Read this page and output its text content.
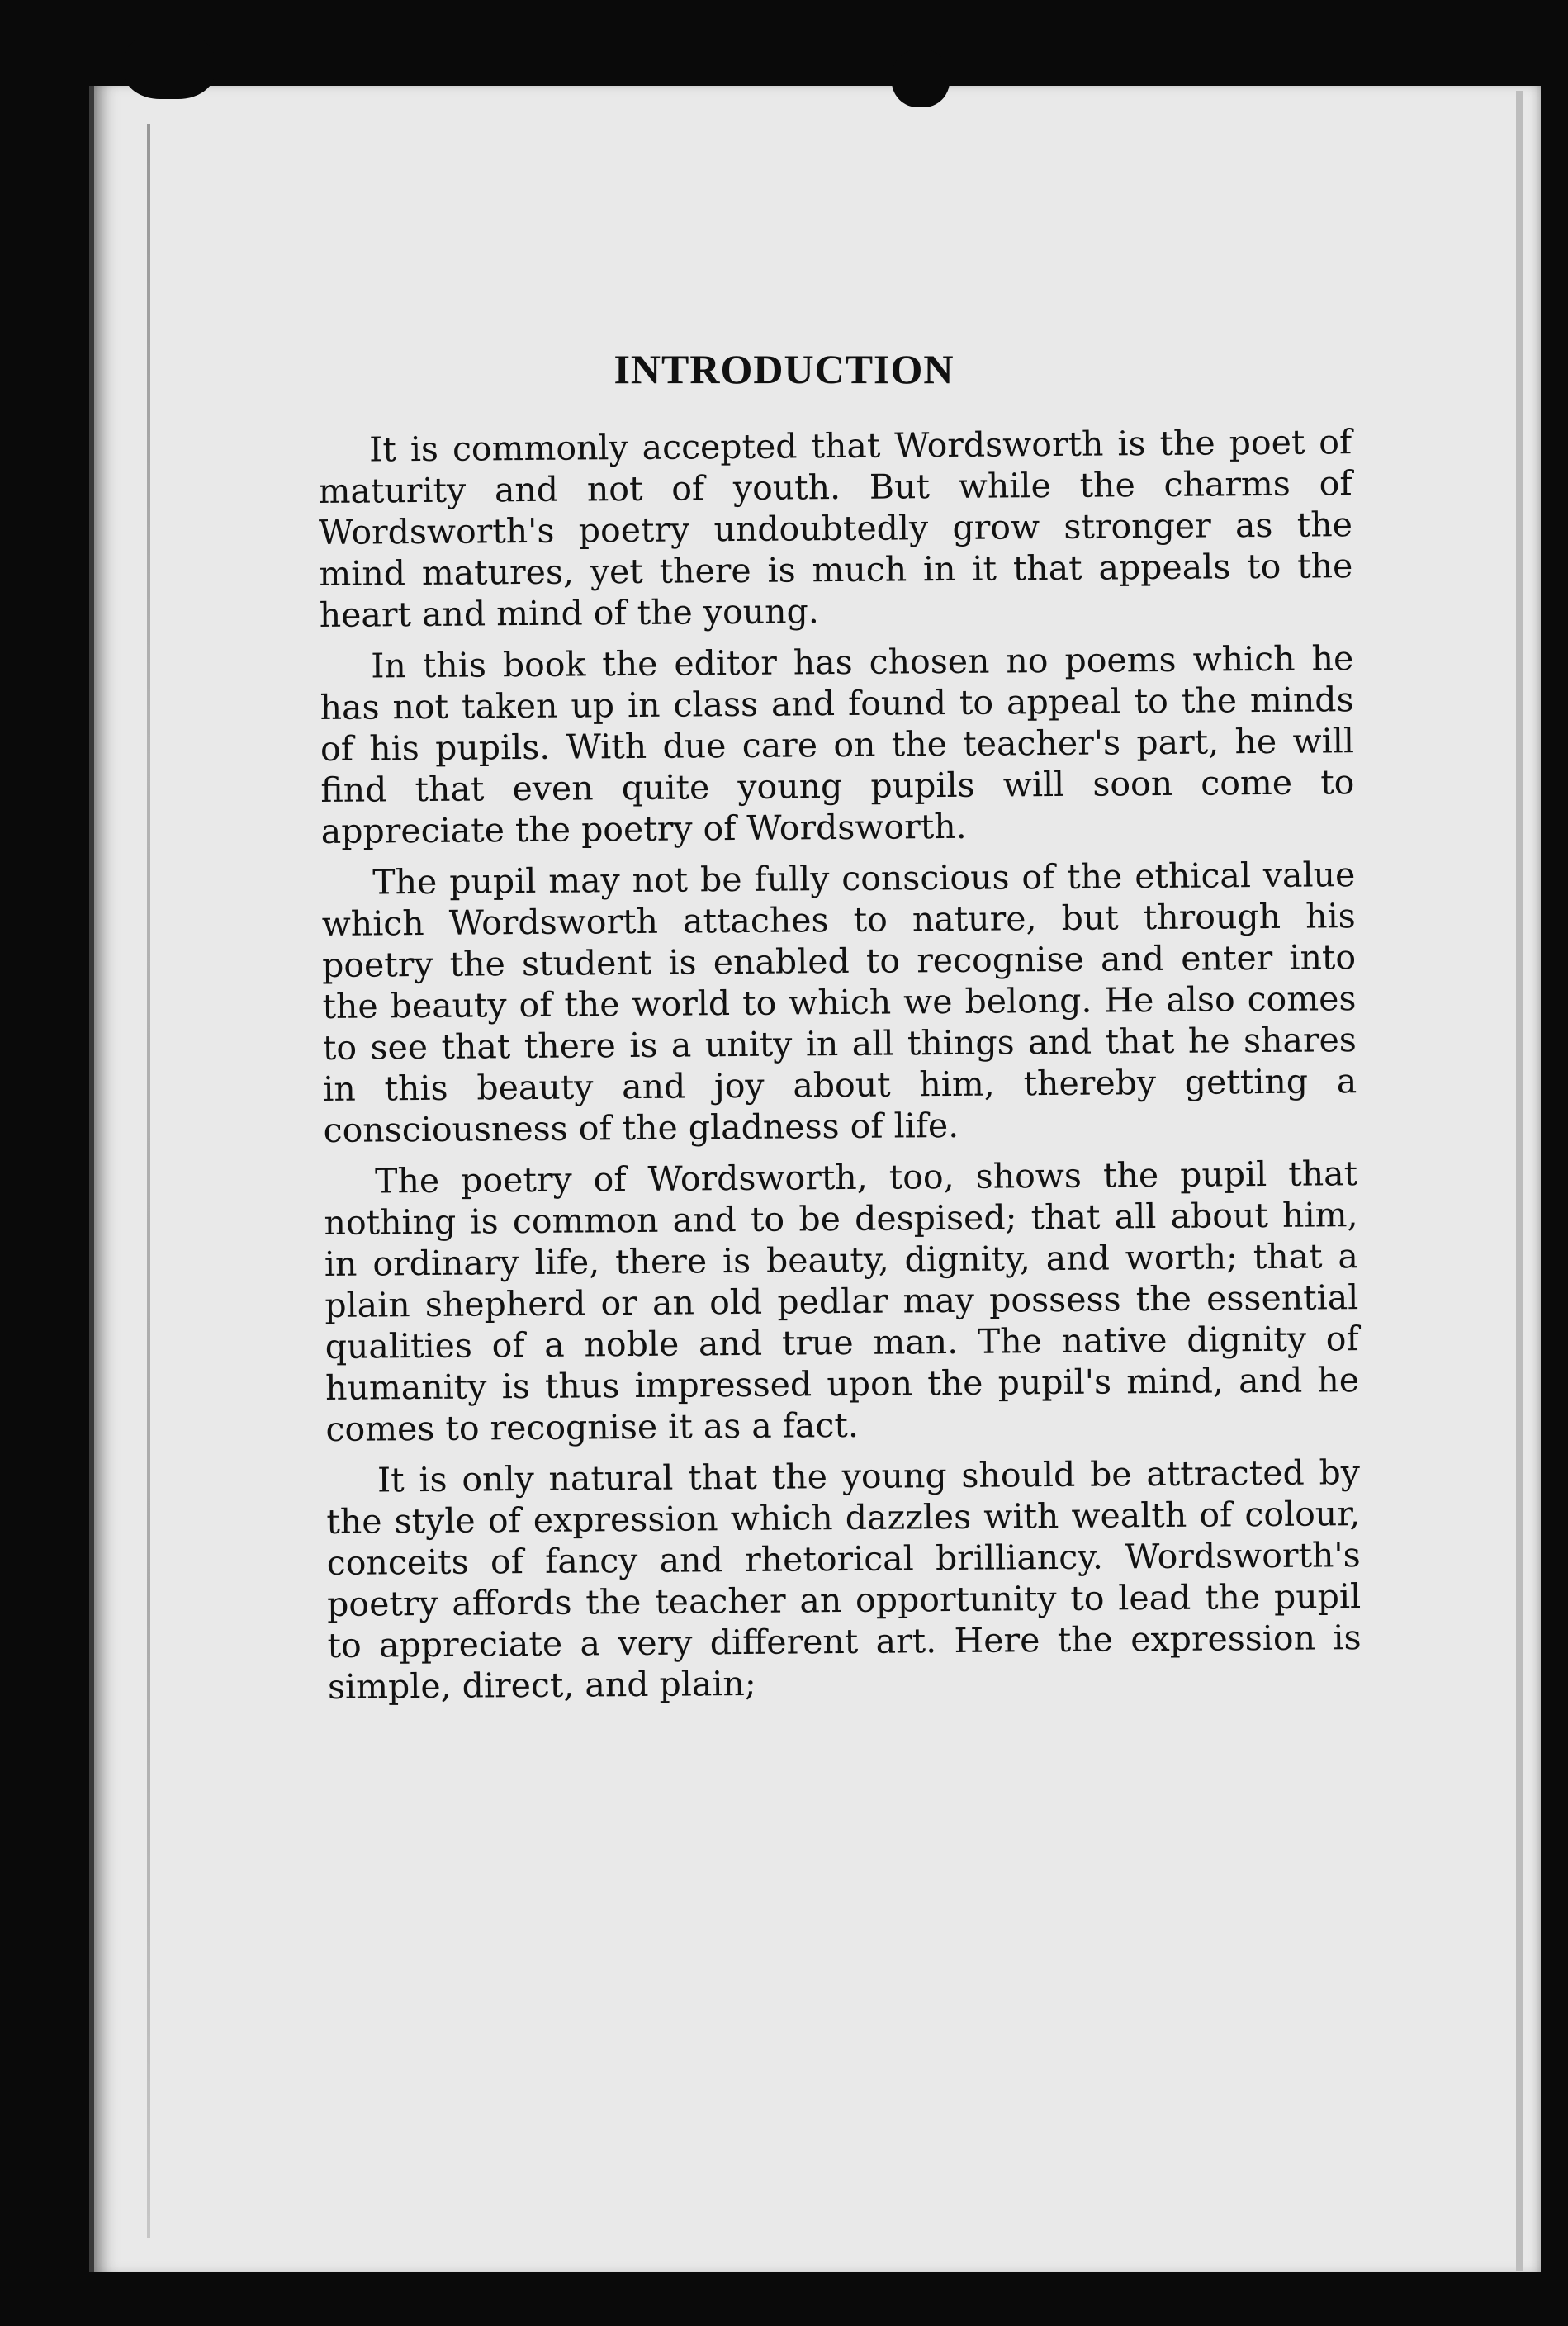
INTRODUCTION

It is commonly accepted that Wordsworth is the poet of maturity and not of youth. But while the charms of Wordsworth's poetry undoubtedly grow stronger as the mind matures, yet there is much in it that appeals to the heart and mind of the young.

In this book the editor has chosen no poems which he has not taken up in class and found to appeal to the minds of his pupils. With due care on the teacher's part, he will find that even quite young pupils will soon come to appreciate the poetry of Wordsworth.

The pupil may not be fully conscious of the ethical value which Wordsworth attaches to nature, but through his poetry the student is enabled to recognise and enter into the beauty of the world to which we belong. He also comes to see that there is a unity in all things and that he shares in this beauty and joy about him, thereby getting a consciousness of the gladness of life.

The poetry of Wordsworth, too, shows the pupil that nothing is common and to be despised; that all about him, in ordinary life, there is beauty, dignity, and worth; that a plain shepherd or an old pedlar may possess the essential qualities of a noble and true man. The native dignity of humanity is thus impressed upon the pupil's mind, and he comes to recognise it as a fact.

It is only natural that the young should be attracted by the style of expression which dazzles with wealth of colour, conceits of fancy and rhetorical brilliancy. Wordsworth's poetry affords the teacher an opportunity to lead the pupil to appreciate a very different art. Here the expression is simple, direct, and plain;
